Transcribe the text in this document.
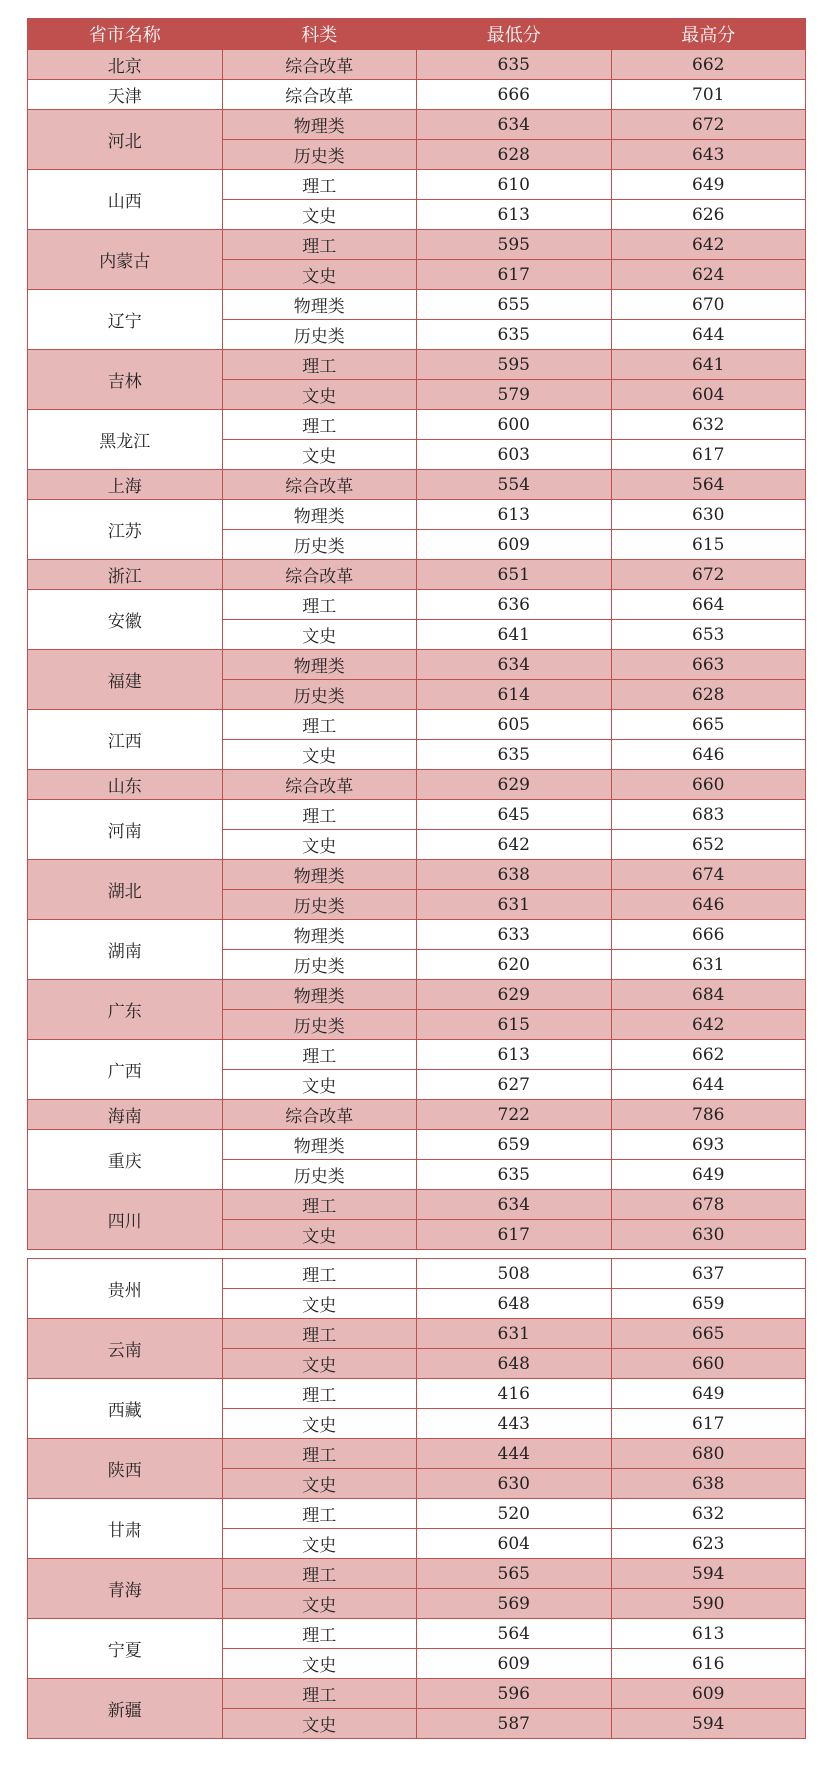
省市名称	科类	最低分	最高分
北京	综合改革	635	662
天津	综合改革	666	701
河北	物理类	634	672
	历史类	628	643
山西	理工	610	649
	文史	613	626
内蒙古	理工	595	642
	文史	617	624
辽宁	物理类	655	670
	历史类	635	644
吉林	理工	595	641
	文史	579	604
黑龙江	理工	600	632
	文史	603	617
上海	综合改革	554	564
江苏	物理类	613	630
	历史类	609	615
浙江	综合改革	651	672
安徽	理工	636	664
	文史	641	653
福建	物理类	634	663
	历史类	614	628
江西	理工	605	665
	文史	635	646
山东	综合改革	629	660
河南	理工	645	683
	文史	642	652
湖北	物理类	638	674
	历史类	631	646
湖南	物理类	633	666
	历史类	620	631
广东	物理类	629	684
	历史类	615	642
广西	理工	613	662
	文史	627	644
海南	综合改革	722	786
重庆	物理类	659	693
	历史类	635	649
四川	理工	634	678
	文史	617	630
贵州	理工	508	637
	文史	648	659
云南	理工	631	665
	文史	648	660
西藏	理工	416	649
	文史	443	617
陕西	理工	444	680
	文史	630	638
甘肃	理工	520	632
	文史	604	623
青海	理工	565	594
	文史	569	590
宁夏	理工	564	613
	文史	609	616
新疆	理工	596	609
	文史	587	594
